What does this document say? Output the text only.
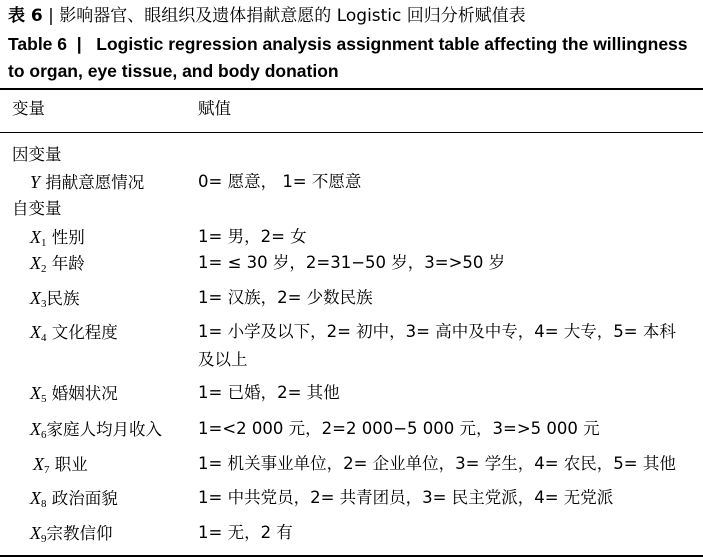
表 6 | 影响器官、眼组织及遗体捐献意愿的 Logistic 回归分析赋值表
Table 6 | Logistic regression analysis assignment table affecting the willingness to organ, eye tissue, and body donation
变量	赋值
因变量
Y 捐献意愿情况	0= 愿意， 1= 不愿意
自变量
$X_1$ 性别	1= 男，2= 女
$X_2$ 年龄	1= ≤ 30 岁，2=31−50 岁，3=>50 岁
$X_3$民族	1= 汉族，2= 少数民族
$X_4$ 文化程度	1= 小学及以下，2= 初中，3= 高中及中专，4= 大专，5= 本科及以上
$X_5$ 婚姻状况	1= 已婚，2= 其他
$X_6$家庭人均月收入 1=<2 000 元，2=2 000−5 000 元，3=>5 000 元
$X_7$ 职业	1= 机关事业单位，2= 企业单位，3= 学生，4= 农民，5= 其他
$X_8$ 政治面貌	1= 中共党员，2= 共青团员，3= 民主党派，4= 无党派
$X_9$宗教信仰	1= 无，2 有
